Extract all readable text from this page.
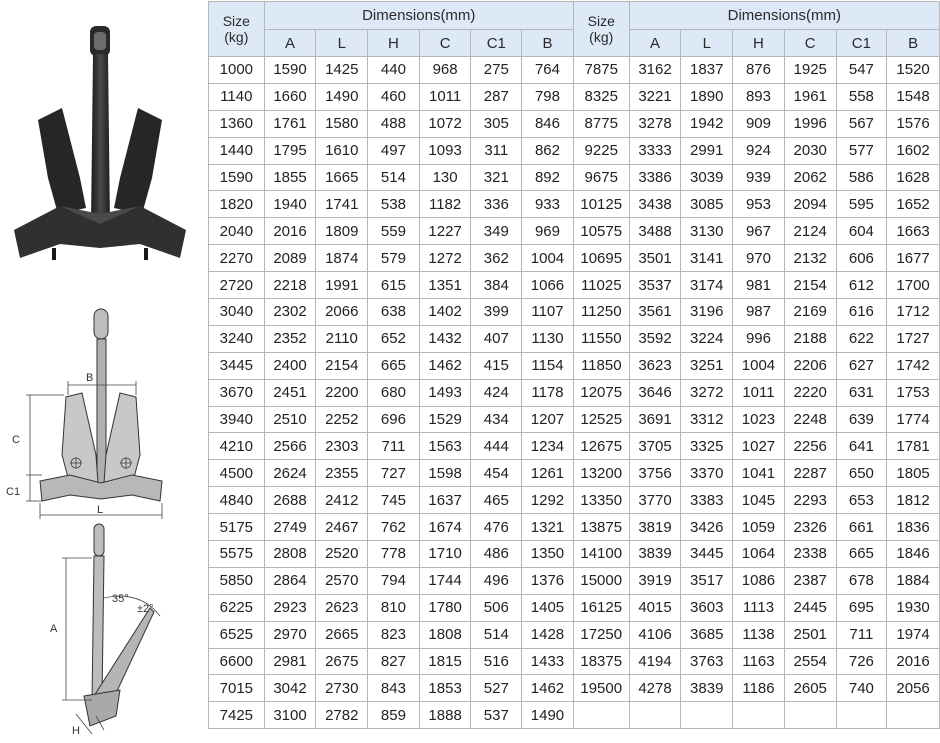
B
C
C1
L
A
H
35°
±2°
Size
(kg)	Dimensions(mm)						Size
(kg)	Dimensions(mm)					
	A	L	H	C	C1	B		A	L	H	C	C1	B
1000	1590	1425	440	968	275	764	7875	3162	1837	876	1925	547	1520
1140	1660	1490	460	1011	287	798	8325	3221	1890	893	1961	558	1548
1360	1761	1580	488	1072	305	846	8775	3278	1942	909	1996	567	1576
1440	1795	1610	497	1093	311	862	9225	3333	2991	924	2030	577	1602
1590	1855	1665	514	130	321	892	9675	3386	3039	939	2062	586	1628
1820	1940	1741	538	1182	336	933	10125	3438	3085	953	2094	595	1652
2040	2016	1809	559	1227	349	969	10575	3488	3130	967	2124	604	1663
2270	2089	1874	579	1272	362	1004	10695	3501	3141	970	2132	606	1677
2720	2218	1991	615	1351	384	1066	11025	3537	3174	981	2154	612	1700
3040	2302	2066	638	1402	399	1107	11250	3561	3196	987	2169	616	1712
3240	2352	2110	652	1432	407	1130	11550	3592	3224	996	2188	622	1727
3445	2400	2154	665	1462	415	1154	11850	3623	3251	1004	2206	627	1742
3670	2451	2200	680	1493	424	1178	12075	3646	3272	1011	2220	631	1753
3940	2510	2252	696	1529	434	1207	12525	3691	3312	1023	2248	639	1774
4210	2566	2303	711	1563	444	1234	12675	3705	3325	1027	2256	641	1781
4500	2624	2355	727	1598	454	1261	13200	3756	3370	1041	2287	650	1805
4840	2688	2412	745	1637	465	1292	13350	3770	3383	1045	2293	653	1812
5175	2749	2467	762	1674	476	1321	13875	3819	3426	1059	2326	661	1836
5575	2808	2520	778	1710	486	1350	14100	3839	3445	1064	2338	665	1846
5850	2864	2570	794	1744	496	1376	15000	3919	3517	1086	2387	678	1884
6225	2923	2623	810	1780	506	1405	16125	4015	3603	1113	2445	695	1930
6525	2970	2665	823	1808	514	1428	17250	4106	3685	1138	2501	711	1974
6600	2981	2675	827	1815	516	1433	18375	4194	3763	1163	2554	726	2016
7015	3042	2730	843	1853	527	1462	19500	4278	3839	1186	2605	740	2056
7425	3100	2782	859	1888	537	1490							
